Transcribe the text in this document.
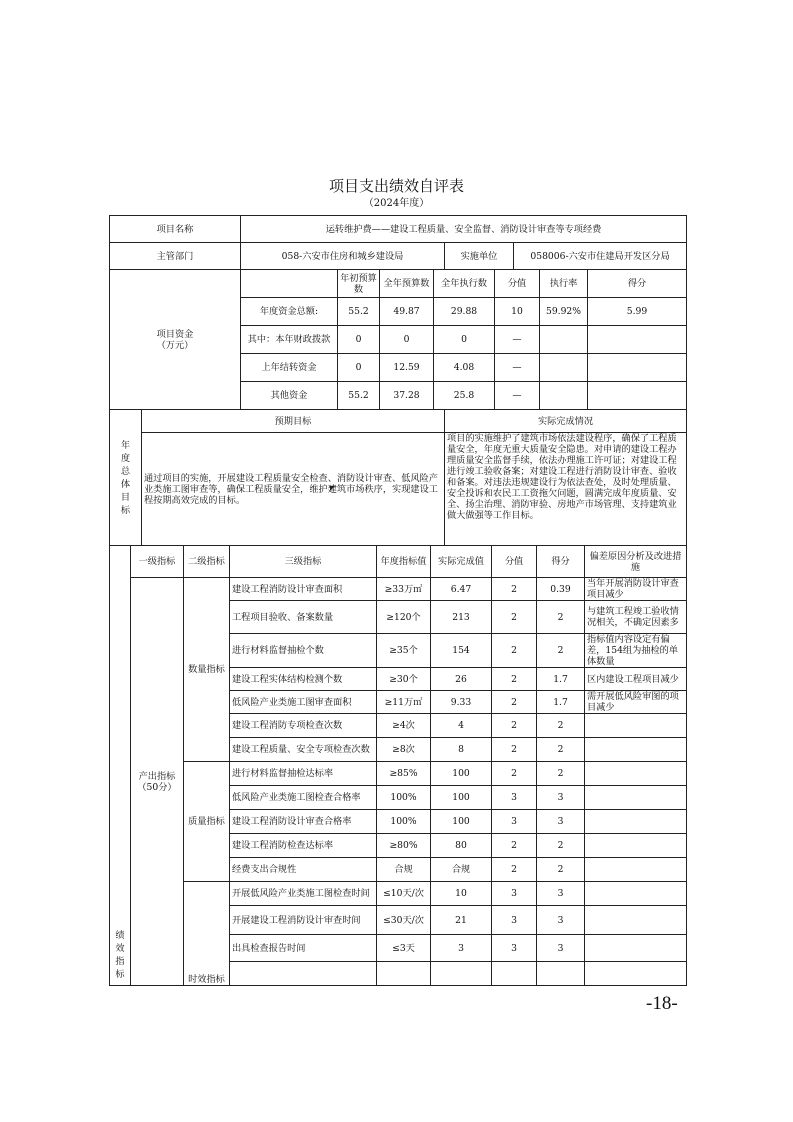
项目支出绩效自评表
（2024年度）
项目名称	运转维护费——建设工程质量、安全监督、消防设计审查等专项经费		
主管部门	058-六安市住房和城乡建设局	实施单位	058006-六安市住建局开发区分局
项目资金
（万元）		年初预算数	全年预算数	全年执行数	分值	执行率	得分
	年度资金总额:	55.2	49.87	29.88	10	59.92%	5.99
	其中：本年财政拨款	0	0	0	—		
	上年结转资金	0	12.59	4.08	—		
	其他资金	55.2	37.28	25.8	—		
年度总体目标	预期目标	实际完成情况
	通过项目的实施，开展建设工程质量安全检查、消防设计审查、低风险产业类施工图审查等，确保工程质量安全，维护建筑市场秩序，实现建设工程按期高效完成的目标。	项目的实施维护了建筑市场依法建设程序，确保了工程质量安全，年度无重大质量安全隐患。对申请的建设工程办理质量安全监督手续，依法办理施工许可证；对建设工程进行竣工验收备案；对建设工程进行消防设计审查、验收和备案。对违法违规建设行为依法查处，及时处理质量、安全投诉和农民工工资拖欠问题，圆满完成年度质量、安全、扬尘治理、消防审验、房地产市场管理、支持建筑业做大做强等工作目标。
绩效指标	一级指标	二级指标	三级指标	年度指标值	实际完成值	分值	得分	偏差原因分析及改进措施

	产出指标
（50分）	数量指标	建设工程消防设计审查面积	≥33万㎡	6.47	2	0.39	当年开展消防设计审查项目减少
			工程项目验收、备案数量	≥120个	213	2	2	与建筑工程竣工验收情况相关，不确定因素多
			进行材料监督抽检个数	≥35个	154	2	2	指标值内容设定有偏差，154组为抽检的单体数量
			建设工程实体结构检测个数	≥30个	26	2	1.7	区内建设工程项目减少
			低风险产业类施工图审查面积	≥11万㎡	9.33	2	1.7	需开展低风险审图的项目减少
			建设工程消防专项检查次数	≥4次	4	2	2	
			建设工程质量、安全专项检查次数	≥8次	8	2	2	
		质量指标	进行材料监督抽检达标率	≥85%	100	2	2	
			低风险产业类施工图检查合格率	100%	100	3	3	
			建设工程消防设计审查合格率	100%	100	3	3	
			建设工程消防检查达标率	≥80%	80	2	2	
			经费支出合规性	合规	合规	2	2	
		时效指标	开展低风险产业类施工图检查时间	≤10天/次	10	3	3	
			开展建设工程消防设计审查时间	≤30天/次	21	3	3	
			出具检查报告时间	≤3天	3	3	3	

-18-
